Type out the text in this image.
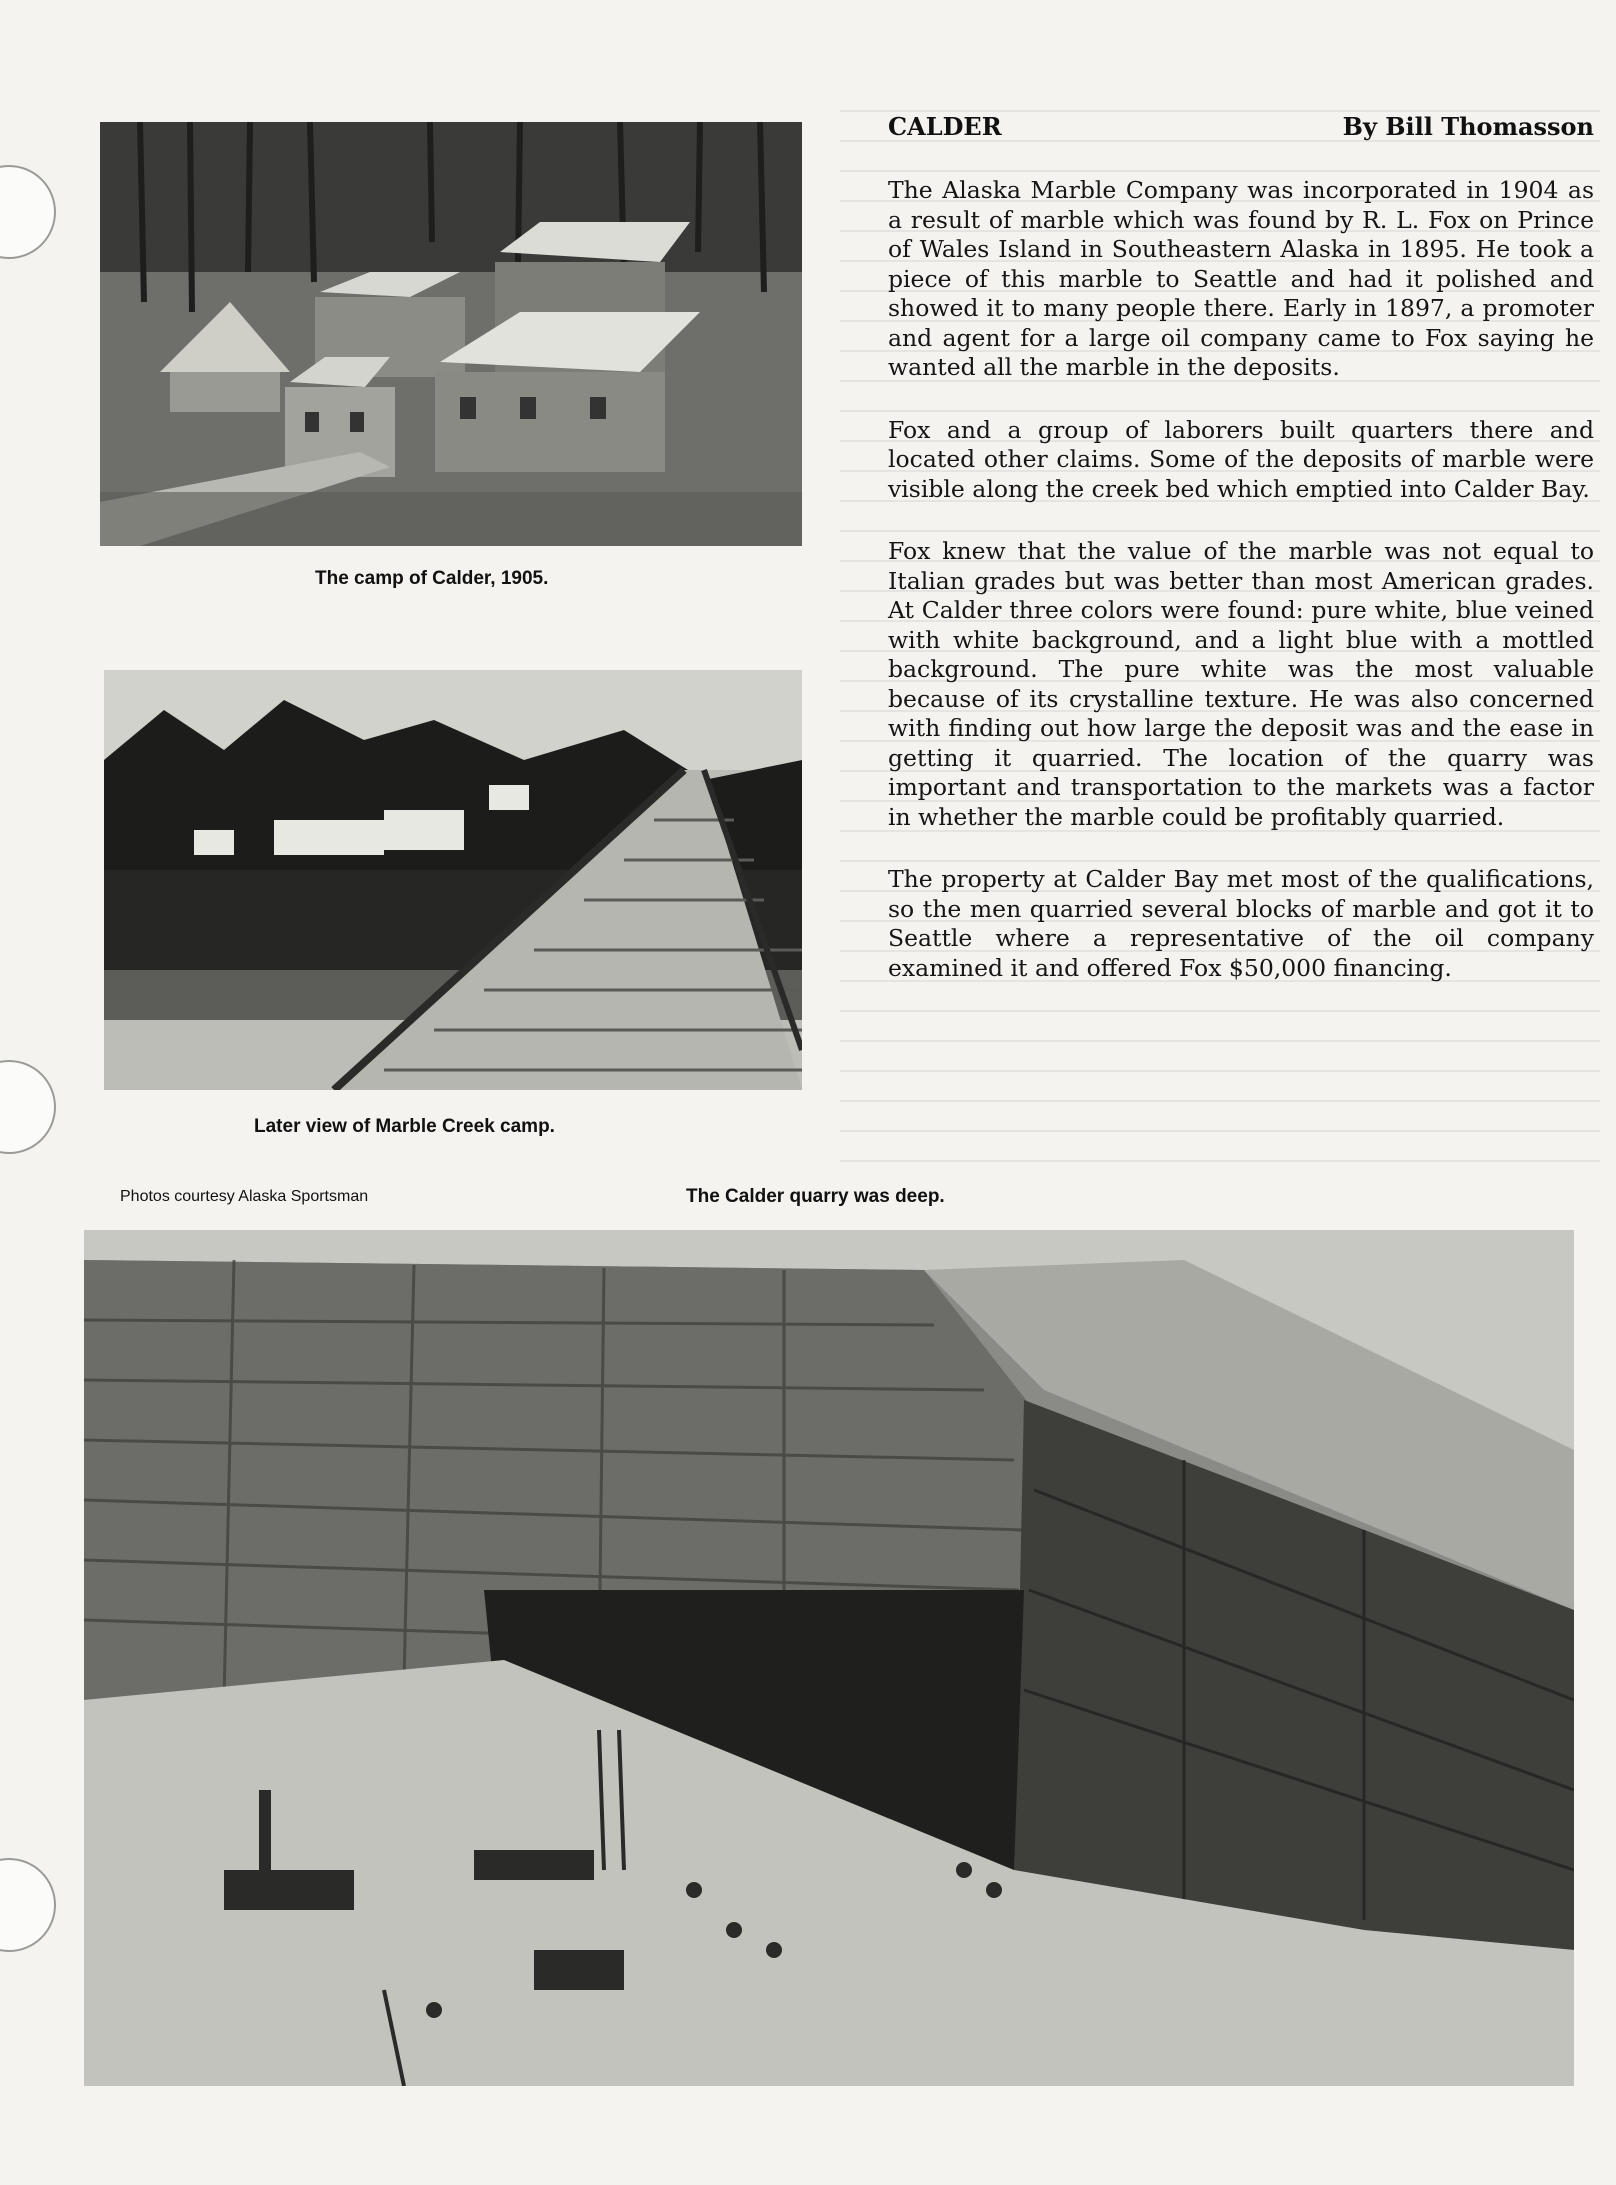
The camp of Calder, 1905.
Later view of Marble Creek camp.
Photos courtesy Alaska Sportsman	The Calder quarry was deep.
CALDER	By Bill Thomasson

The Alaska Marble Company was incorporated in 1904 as a result of marble which was found by R. L. Fox on Prince of Wales Island in Southeastern Alaska in 1895. He took a piece of this marble to Seattle and had it polished and showed it to many people there. Early in 1897, a promoter and agent for a large oil company came to Fox saying he wanted all the marble in the deposits.

Fox and a group of laborers built quarters there and located other claims. Some of the deposits of marble were visible along the creek bed which emptied into Calder Bay.

Fox knew that the value of the marble was not equal to Italian grades but was better than most American grades. At Calder three colors were found: pure white, blue veined with white background, and a light blue with a mottled background. The pure white was the most valuable because of its crystalline texture. He was also concerned with finding out how large the deposit was and the ease in getting it quarried. The location of the quarry was important and transportation to the markets was a factor in whether the marble could be profitably quarried.

The property at Calder Bay met most of the qualifications, so the men quarried several blocks of marble and got it to Seattle where a representative of the oil company examined it and offered Fox $50,000 financing.
